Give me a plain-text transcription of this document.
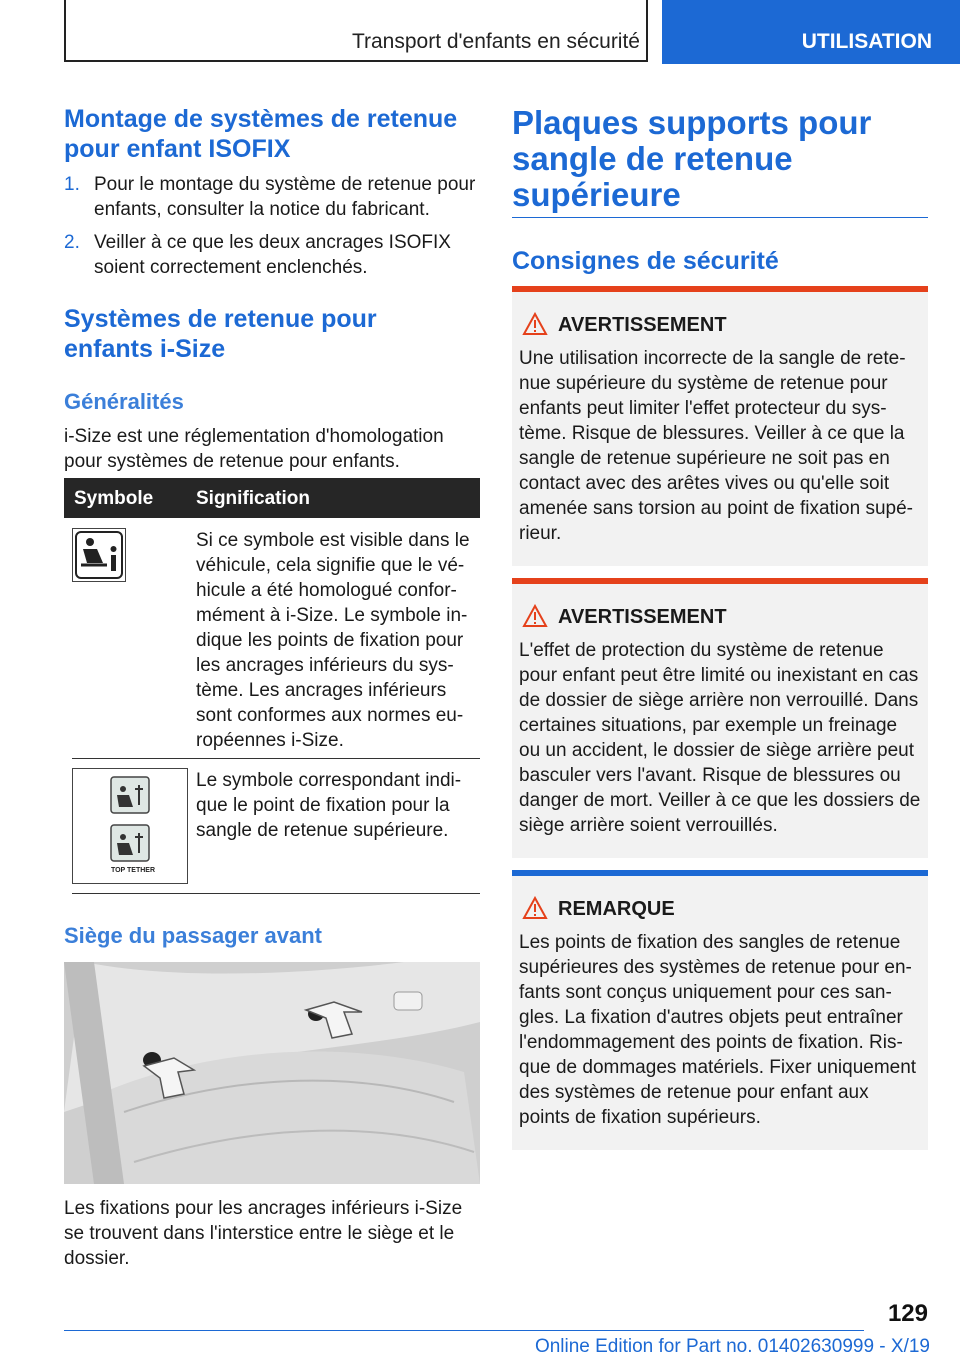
Transport d'enfants en sécurité	UTILISATION
Montage de systèmes de retenue pour enfant ISOFIX
1. Pour le montage du système de retenue pour enfants, consulter la notice du fabricant.
2. Veiller à ce que les deux ancrages ISOFIX soient correctement enclenchés.
Systèmes de retenue pour enfants i-Size
Généralités
i-Size est une réglementation d'homologation pour systèmes de retenue pour enfants.
Symbole Signification
Si ce symbole est visible dans le véhicule, cela signifie que le vé-hicule a été homologué confor-mément à i-Size. Le symbole in-dique les points de fixation pour les ancrages inférieurs du sys-tème. Les ancrages inférieurs sont conformes aux normes eu-ropéennes i-Size.
TOP TETHER
Le symbole correspondant indi-que le point de fixation pour la sangle de retenue supérieure.
Siège du passager avant
Les fixations pour les ancrages inférieurs i-Size se trouvent dans l'interstice entre le siège et le dossier.
Plaques supports pour sangle de retenue supérieure
Consignes de sécurité
AVERTISSEMENT
Une utilisation incorrecte de la sangle de rete-nue supérieure du système de retenue pour enfants peut limiter l'effet protecteur du sys-tème. Risque de blessures. Veiller à ce que la sangle de retenue supérieure ne soit pas en contact avec des arêtes vives ou qu'elle soit amenée sans torsion au point de fixation supé-rieur.
AVERTISSEMENT
L'effet de protection du système de retenue pour enfant peut être limité ou inexistant en cas de dossier de siège arrière non verrouillé. Dans certaines situations, par exemple un freinage ou un accident, le dossier de siège arrière peut basculer vers l'avant. Risque de blessures ou danger de mort. Veiller à ce que les dossiers de siège arrière soient verrouillés.
REMARQUE
Les points de fixation des sangles de retenue supérieures des systèmes de retenue pour en-fants sont conçus uniquement pour ces san-gles. La fixation d'autres objets peut entraîner l'endommagement des points de fixation. Ris-que de dommages matériels. Fixer uniquement des systèmes de retenue pour enfant aux points de fixation supérieurs.
129
Online Edition for Part no. 01402630999 - X/19
